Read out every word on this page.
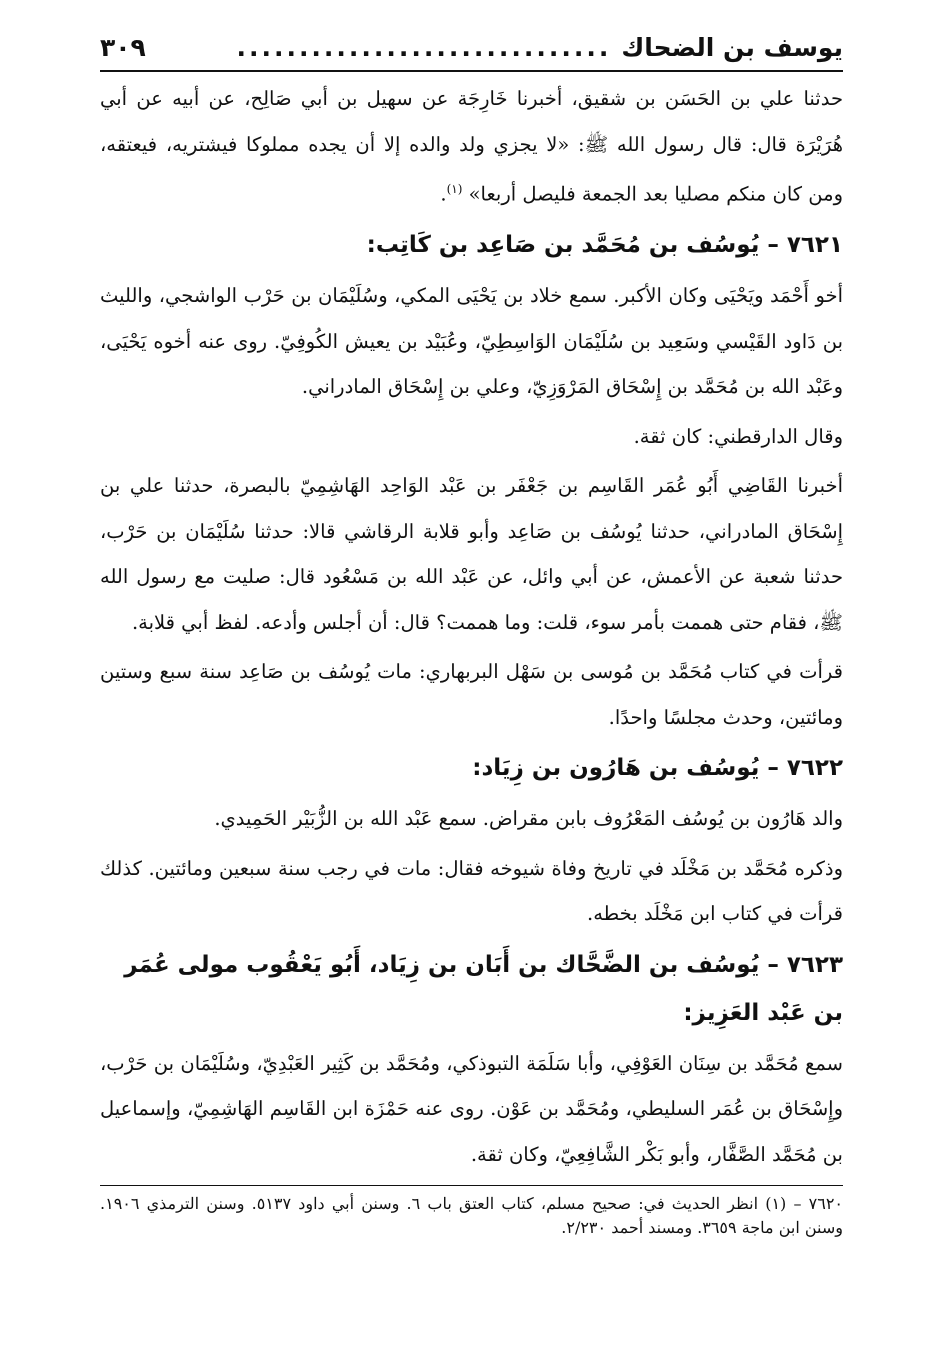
يوسف بن الضحاك
..............................
٣٠٩

حدثنا علي بن الحَسَن بن شقيق، أخبرنا خَارِجَة عن سهيل بن أبي صَالِح، عن أبيه عن أبي هُرَيْرَة قال: قال رسول الله ﷺ: «لا يجزي ولد والده إلا أن يجده مملوكا فيشتريه، فيعتقه، ومن كان منكم مصليا بعد الجمعة فليصل أربعا» $^{(١)}$.

٧٦٢١ –يُوسُف بن مُحَمَّد بن صَاعِد بن كَاتِب:

أخو أَحْمَد ويَحْيَى وكان الأكبر. سمع خلاد بن يَحْيَى المكي، وسُلَيْمَان بن حَرْب الواشجي، والليث بن دَاود القَيْسي وسَعِيد بن سُلَيْمَان الوَاسِطِيّ، وعُبَيْد بن يعيش الكُوفِيّ. روى عنه أخوه يَحْيَى، وعَبْد الله بن مُحَمَّد بن إِسْحَاق المَرْوَزِيّ، وعلي بن إِسْحَاق المادراني.

وقال الدارقطني: كان ثقة.

أخبرنا القَاضِي أَبُو عُمَر القَاسِم بن جَعْفَر بن عَبْد الوَاحِد الهَاشِمِيّ بالبصرة، حدثنا علي بن إِسْحَاق المادراني، حدثنا يُوسُف بن صَاعِد وأبو قلابة الرقاشي قالا: حدثنا سُلَيْمَان بن حَرْب، حدثنا شعبة عن الأعمش، عن أبي وائل، عن عَبْد الله بن مَسْعُود قال: صليت مع رسول الله ﷺ، فقام حتى هممت بأمر سوء، قلت: وما هممت؟ قال: أن أجلس وأدعه. لفظ أبي قلابة.

قرأت في كتاب مُحَمَّد بن مُوسى بن سَهْل البربهاري: مات يُوسُف بن صَاعِد سنة سبع وستين ومائتين، وحدث مجلسًا واحدًا.

٧٦٢٢ –يُوسُف بن هَارُون بن زِيَاد:

والد هَارُون بن يُوسُف المَعْرُوف بابن مقراض. سمع عَبْد الله بن الزُّبَيْر الحَمِيدي.

وذكره مُحَمَّد بن مَخْلَد في تاريخ وفاة شيوخه فقال: مات في رجب سنة سبعين ومائتين. كذلك قرأت في كتاب ابن مَخْلَد بخطه.

٧٦٢٣ –يُوسُف بن الضَّحَّاك بن أَبَان بن زِيَاد، أَبُو يَعْقُوب مولى عُمَر بن عَبْد العَزِيز:

سمع مُحَمَّد بن سِنَان العَوْفِي، وأبا سَلَمَة التبوذكي، ومُحَمَّد بن كَثِير العَبْدِيّ، وسُلَيْمَان بن حَرْب، وإِسْحَاق بن عُمَر السليطي، ومُحَمَّد بن عَوْن. روى عنه حَمْزَة ابن القَاسِم الهَاشِمِيّ، وإسماعيل بن مُحَمَّد الصَّفَّار، وأبو بَكْر الشَّافِعِيّ، وكان ثقة.

٧٦٢٠ – (١) انظر الحديث في: صحيح مسلم، كتاب العتق باب ٦. وسنن أبي داود ٥١٣٧. وسنن الترمذي ١٩٠٦. وسنن ابن ماجة ٣٦٥٩. ومسند أحمد ٢/٢٣٠.
